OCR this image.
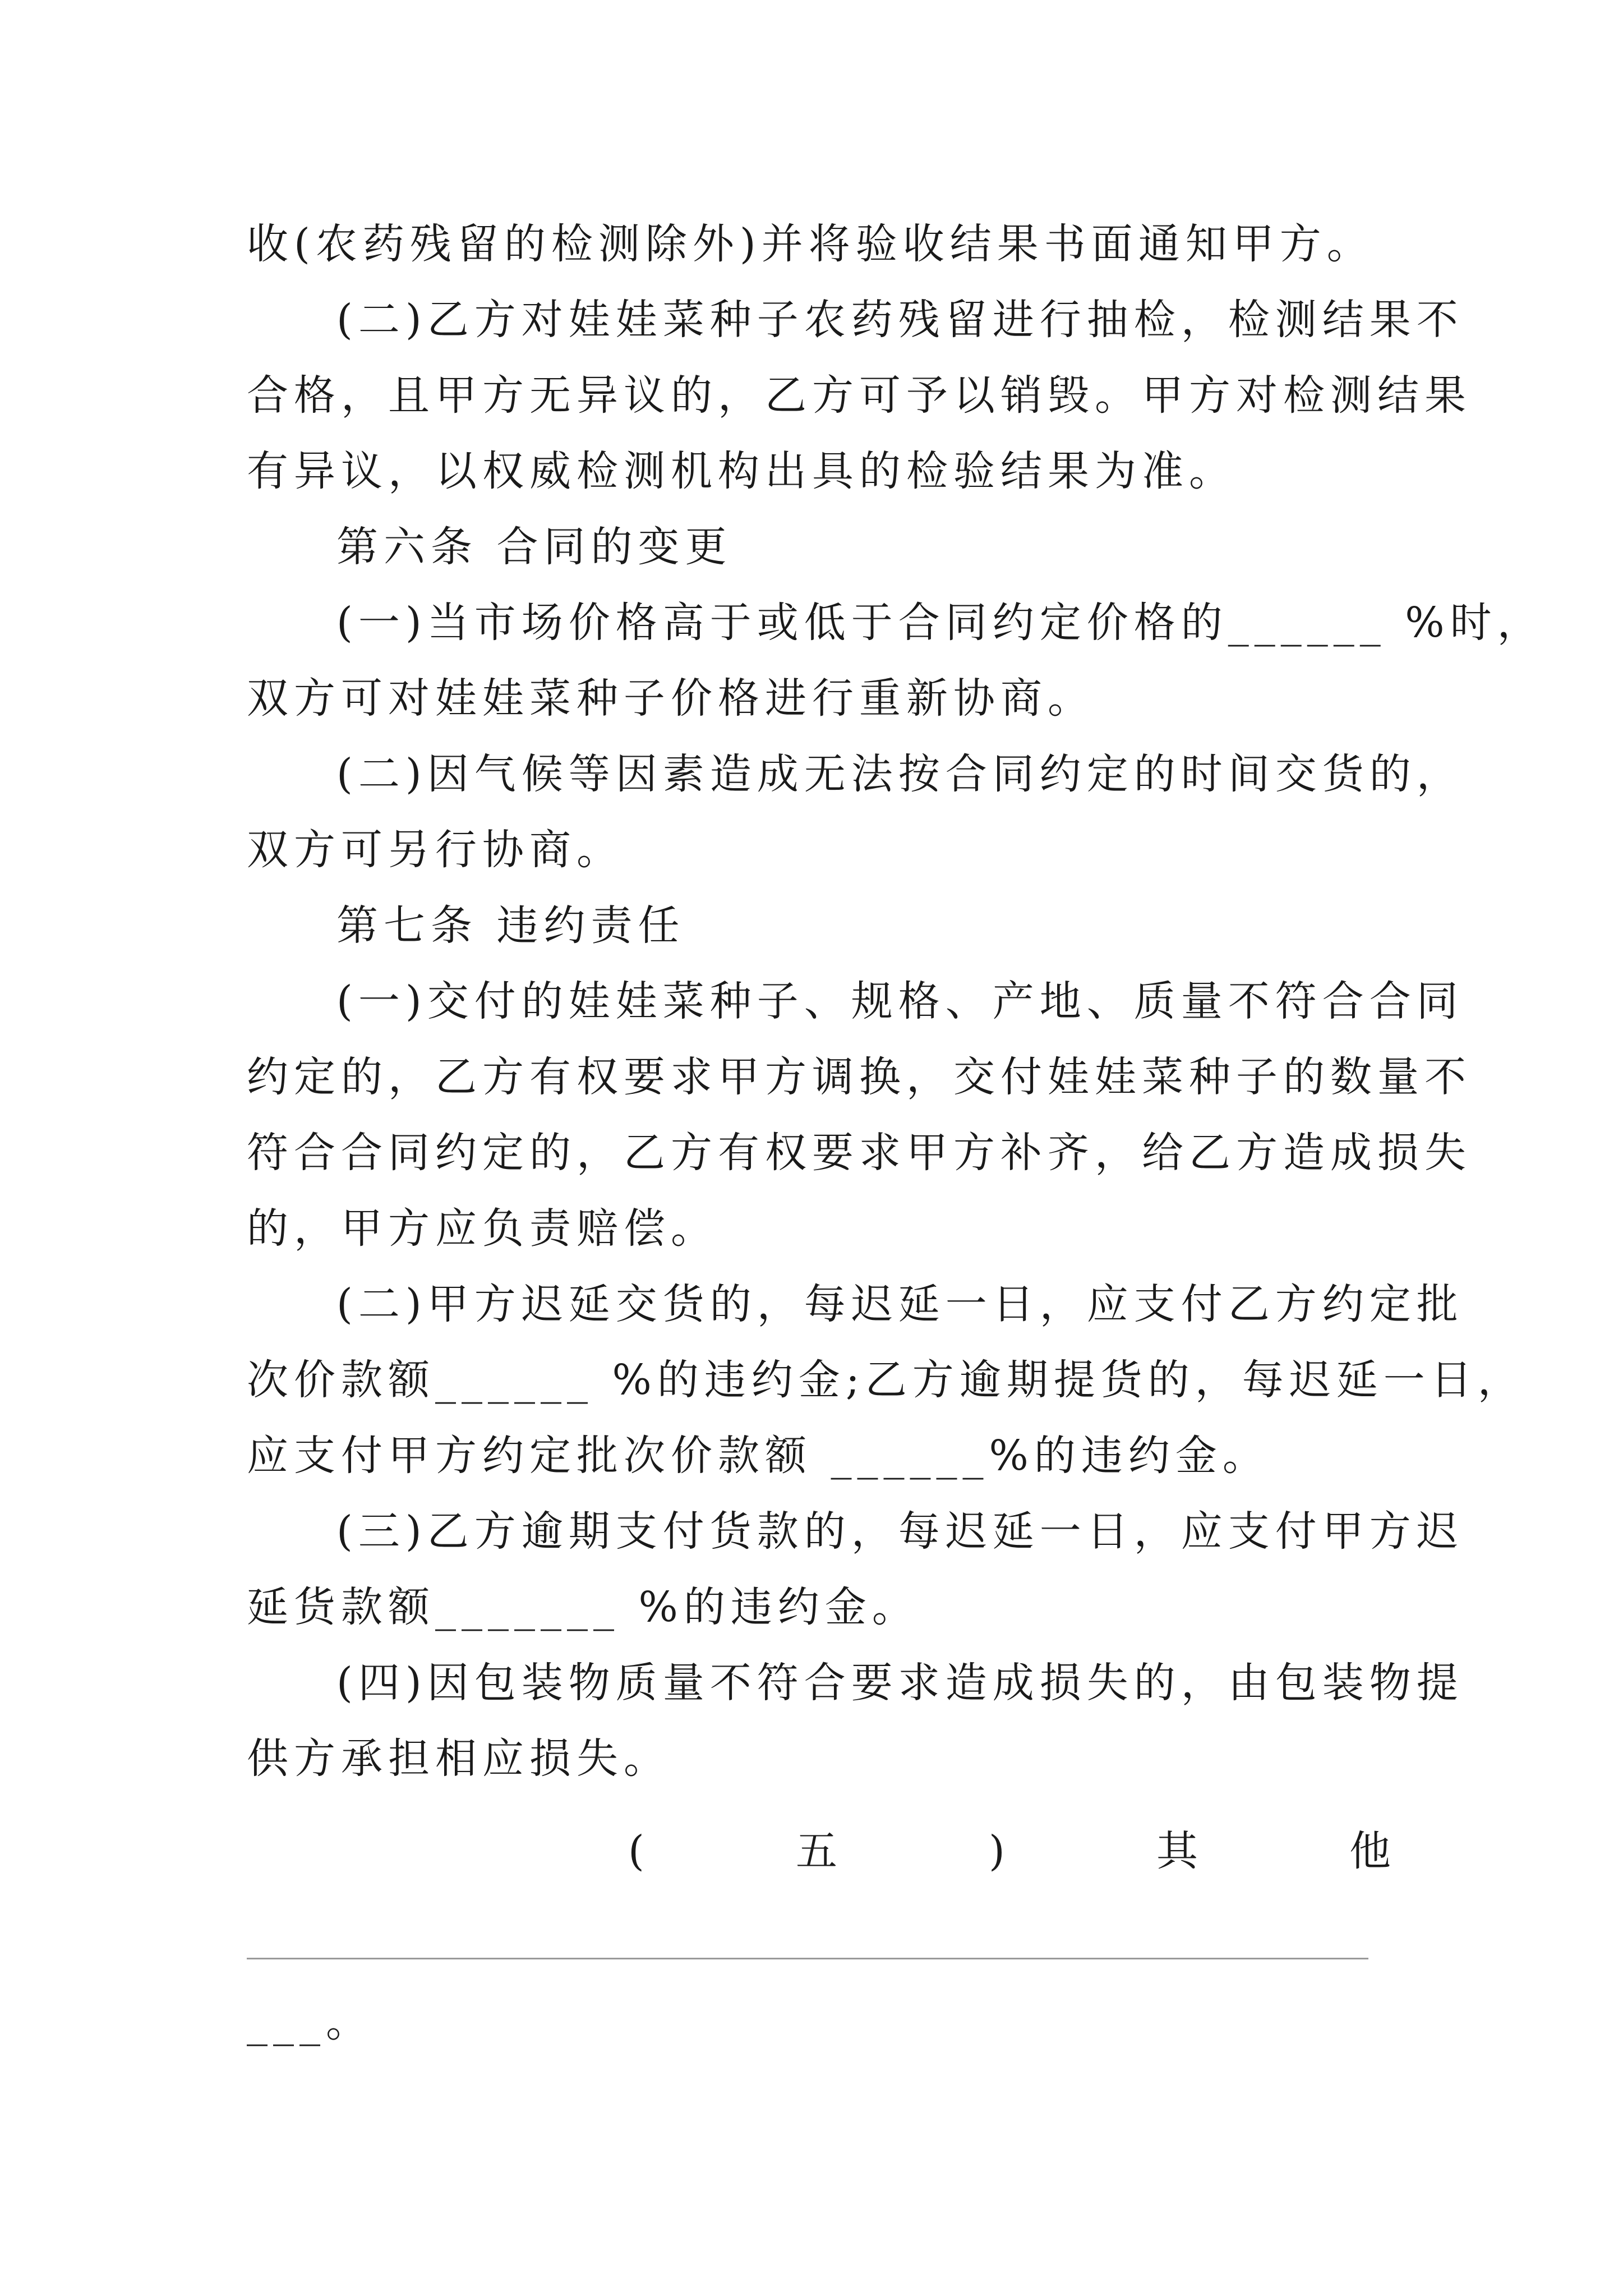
收(农药残留的检测除外)并将验收结果书面通知甲方。
(二)乙方对娃娃菜种子农药残留进行抽检，检测结果不
合格，且甲方无异议的，乙方可予以销毁。甲方对检测结果
有异议，以权威检测机构出具的检验结果为准。
第六条 合同的变更
(一)当市场价格高于或低于合同约定价格的______ %时，
双方可对娃娃菜种子价格进行重新协商。
(二)因气候等因素造成无法按合同约定的时间交货的，
双方可另行协商。
第七条 违约责任
(一)交付的娃娃菜种子、规格、产地、质量不符合合同
约定的，乙方有权要求甲方调换，交付娃娃菜种子的数量不
符合合同约定的，乙方有权要求甲方补齐，给乙方造成损失
的，甲方应负责赔偿。
(二)甲方迟延交货的，每迟延一日，应支付乙方约定批
次价款额______ %的违约金;乙方逾期提货的，每迟延一日，
应支付甲方约定批次价款额 ______%的违约金。
(三)乙方逾期支付货款的，每迟延一日，应支付甲方迟
延货款额_______ %的违约金。
(四)因包装物质量不符合要求造成损失的，由包装物提
供方承担相应损失。
(	五	)	其	他
___。
